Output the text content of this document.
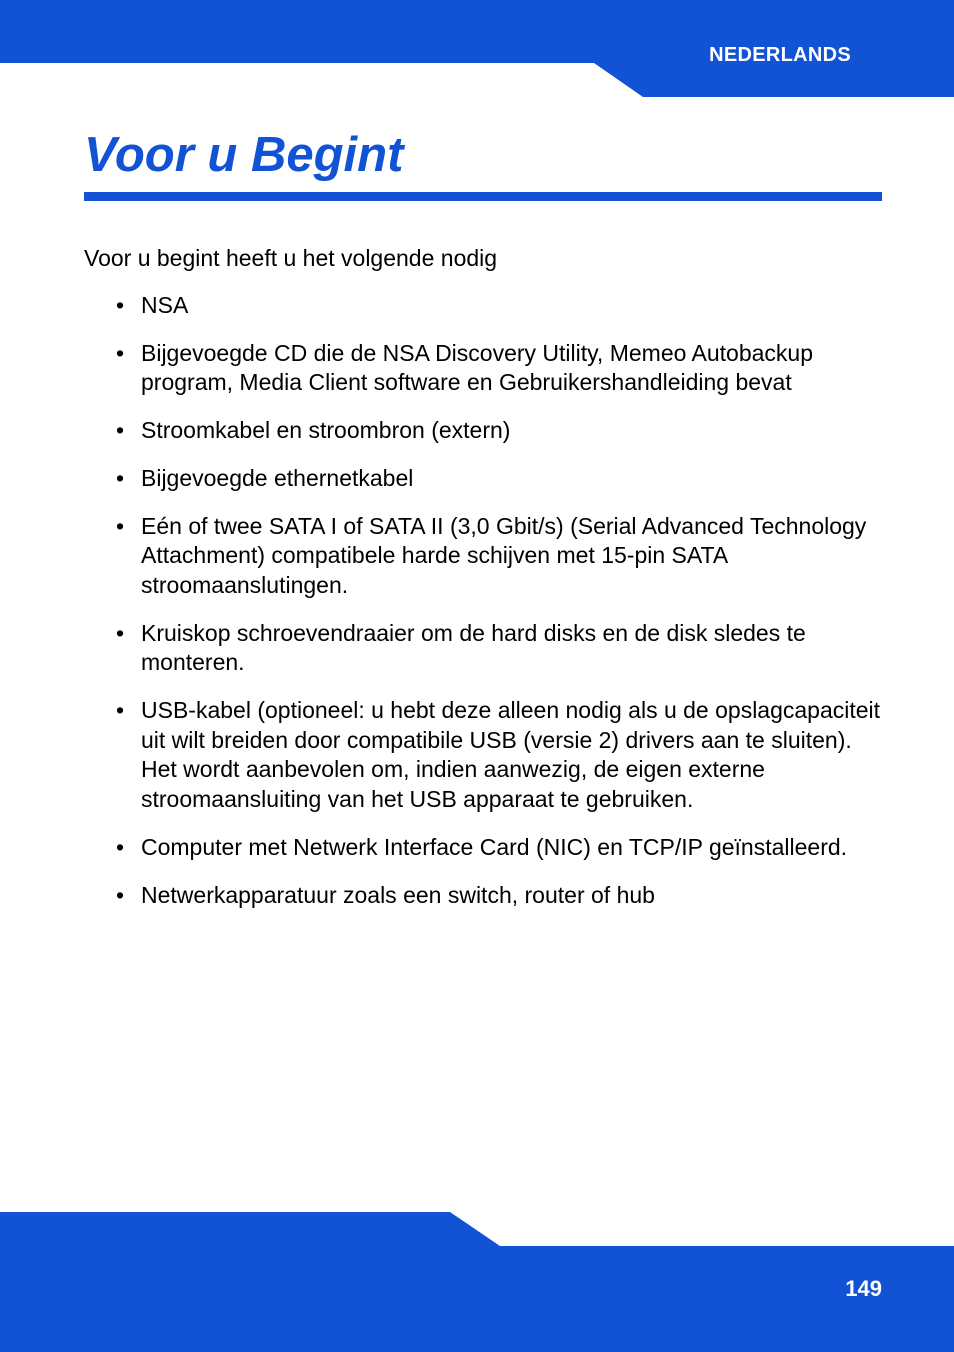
NEDERLANDS
Voor u Begint

Voor u begint heeft u het volgende nodig

• NSA
• Bijgevoegde CD die de NSA Discovery Utility, Memeo Autobackup program, Media Client software en Gebruikershandleiding bevat
• Stroomkabel en stroombron (extern)
• Bijgevoegde ethernetkabel
• Eén of twee SATA I of SATA II (3,0 Gbit/s) (Serial Advanced Technology Attachment) compatibele harde schijven met 15-pin SATA stroomaanslutingen.
• Kruiskop schroevendraaier om de hard disks en de disk sledes te monteren.
• USB-kabel (optioneel: u hebt deze alleen nodig als u de opslagcapaciteit uit wilt breiden door compatibile USB (versie 2) drivers aan te sluiten). Het wordt aanbevolen om, indien aanwezig, de eigen externe stroomaansluiting van het USB apparaat te gebruiken.
• Computer met Netwerk Interface Card (NIC) en TCP/IP geïnstalleerd.
• Netwerkapparatuur zoals een switch, router of hub
149
